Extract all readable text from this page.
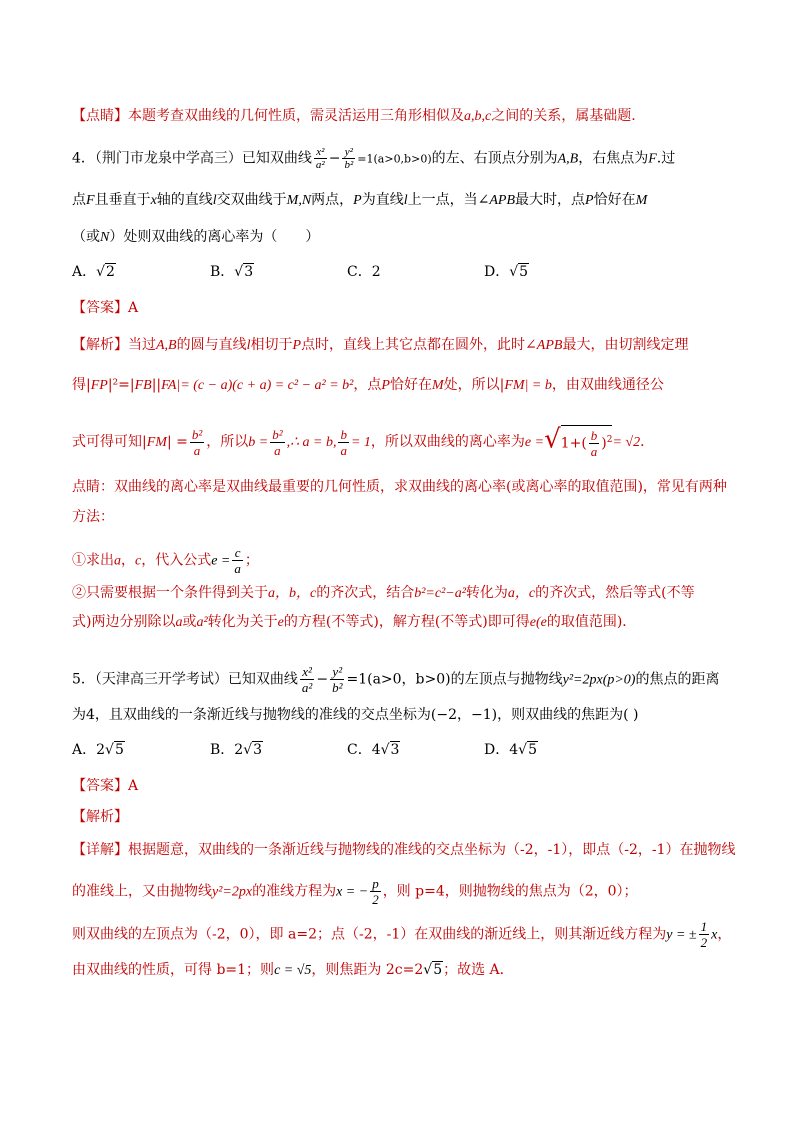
【点睛】本题考查双曲线的几何性质，需灵活运用三角形相似及a,b,c之间的关系，属基础题.
4．（荆门市龙泉中学高三）已知双曲线 $\frac{\text{x²}}{\text{a²}} - \frac{\text{y²}}{\text{b²}} =1(a>0,b>0)$的左、右顶点分别为A,B，右焦点为F.过
点F且垂直于x轴的直线l交双曲线于M,N两点，P为直线l上一点，当∠APB最大时，点P恰好在M
（或N）处则双曲线的离心率为（　　）
A．√2	B．√3	C．2	D．√5
【答案】A
【解析】当过A,B的圆与直线l相切于P点时，直线上其它点都在圆外，此时∠APB最大，由切割线定理
得|FP|²=|FB||FA|= (c − a)(c + a) = c² − a² = b²，点P恰好在M处，所以|FM| = b，由双曲线通径公
式可得可知$|FM| = \frac{\text{b²}}{a}$ ，所以$b = \frac{\text{b²}}{a}$ ,∴ a = b, $\frac{b}{a} = 1$，所以双曲线的离心率为$e =√1+( \frac{b}{a} )^2= √2$．
点睛：双曲线的离心率是双曲线最重要的几何性质，求双曲线的离心率(或离心率的取值范围)，常见有两种
方法：
①求出a，c，代入公式$e = \frac{c}{a}$ ；
②只需要根据一个条件得到关于a，b，c的齐次式，结合b²=c²−a²转化为a，c的齐次式，然后等式(不等
式)两边分别除以a或a²转化为关于e的方程(不等式)，解方程(不等式)即可得e(e的取值范围)．
5．（天津高三开学考试）已知双曲线 $\frac{\text{x²}}{\text{a²}} - \frac{\text{y²}}{\text{b²}} =1(a>0$，b>0)的左顶点与抛物线y²=2px(p>0)的焦点的距离
为4，且双曲线的一条渐近线与抛物线的准线的交点坐标为(−2，−1)，则双曲线的焦距为( )
A．2√5	B．2√3	C．4√3	D．4√5
【答案】A
【解析】
【详解】根据题意，双曲线的一条渐近线与抛物线的准线的交点坐标为（-2，-1），即点（-2，-1）在抛物线
的准线上，又由抛物线y²=2px的准线方程为x = − $\frac{p}{2}$ ，则 p=4，则抛物线的焦点为（2，0）；
则双曲线的左顶点为（-2，0），即 a=2；点（-2，-1）在双曲线的渐近线上，则其渐近线方程为y = ± $\frac{1}{2}$ x，
由双曲线的性质，可得 b=1；则c = √5，则焦距为 2c=2√5；故选 A．
